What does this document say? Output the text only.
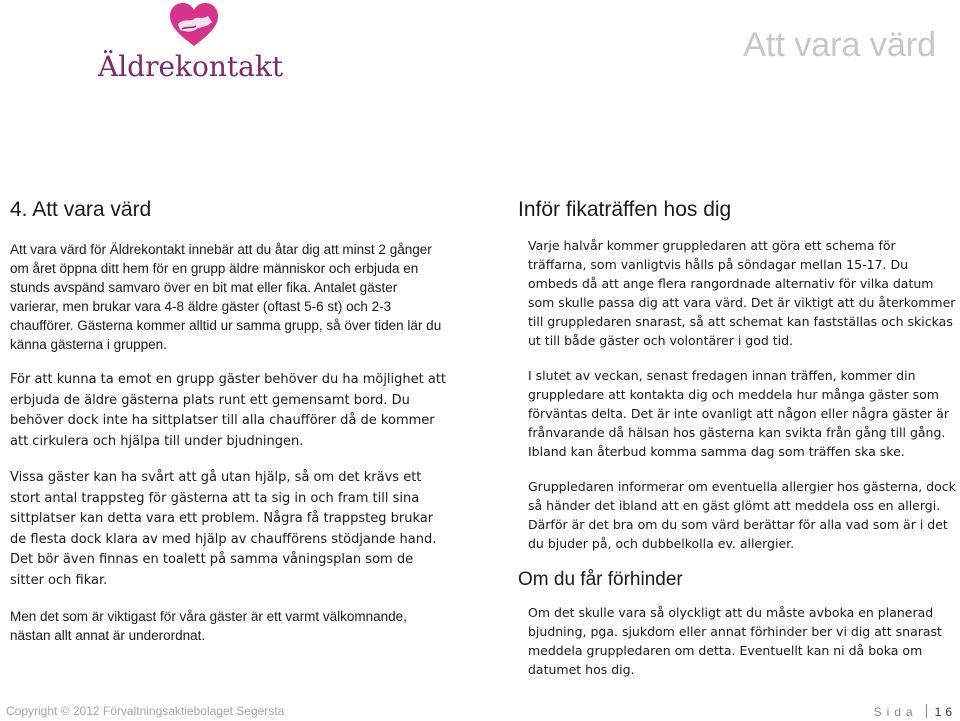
Äldrekontakt
Att vara värd
4. Att vara värd

Att vara värd för Äldrekontakt innebär att du åtar dig att minst 2 gånger om året öppna ditt hem för en grupp äldre människor och erbjuda en stunds avspänd samvaro över en bit mat eller fika. Antalet gäster varierar, men brukar vara 4-8 äldre gäster (oftast 5-6 st) och 2-3 chaufförer. Gästerna kommer alltid ur samma grupp, så över tiden lär du känna gästerna i gruppen.

För att kunna ta emot en grupp gäster behöver du ha möjlighet att erbjuda de äldre gästerna plats runt ett gemensamt bord. Du behöver dock inte ha sittplatser till alla chaufförer då de kommer att cirkulera och hjälpa till under bjudningen.

Vissa gäster kan ha svårt att gå utan hjälp, så om det krävs ett stort antal trappsteg för gästerna att ta sig in och fram till sina sittplatser kan detta vara ett problem. Några få trappsteg brukar de flesta dock klara av med hjälp av chaufförens stödjande hand. Det bör även finnas en toalett på samma våningsplan som de sitter och fikar.

Men det som är viktigast för våra gäster är ett varmt välkomnande, nästan allt annat är underordnat.

Inför fikaträffen hos dig

Varje halvår kommer gruppledaren att göra ett schema för träffarna, som vanligtvis hålls på söndagar mellan 15-17. Du ombeds då att ange flera rangordnade alternativ för vilka datum som skulle passa dig att vara värd. Det är viktigt att du återkommer till gruppledaren snarast, så att schemat kan fastställas och skickas ut till både gäster och volontärer i god tid.

I slutet av veckan, senast fredagen innan träffen, kommer din gruppledare att kontakta dig och meddela hur många gäster som förväntas delta. Det är inte ovanligt att någon eller några gäster är frånvarande då hälsan hos gästerna kan svikta från gång till gång. Ibland kan återbud komma samma dag som träffen ska ske.

Gruppledaren informerar om eventuella allergier hos gästerna, dock så händer det ibland att en gäst glömt att meddela oss en allergi. Därför är det bra om du som värd berättar för alla vad som är i det du bjuder på, och dubbelkolla ev. allergier.

Om du får förhinder

Om det skulle vara så olyckligt att du måste avboka en planerad bjudning, pga. sjukdom eller annat förhinder ber vi dig att snarast meddela gruppledaren om detta. Eventuellt kan ni då boka om datumet hos dig.

Copyright © 2012 Förvaltningsaktiebolaget Segersta	Sida 16
